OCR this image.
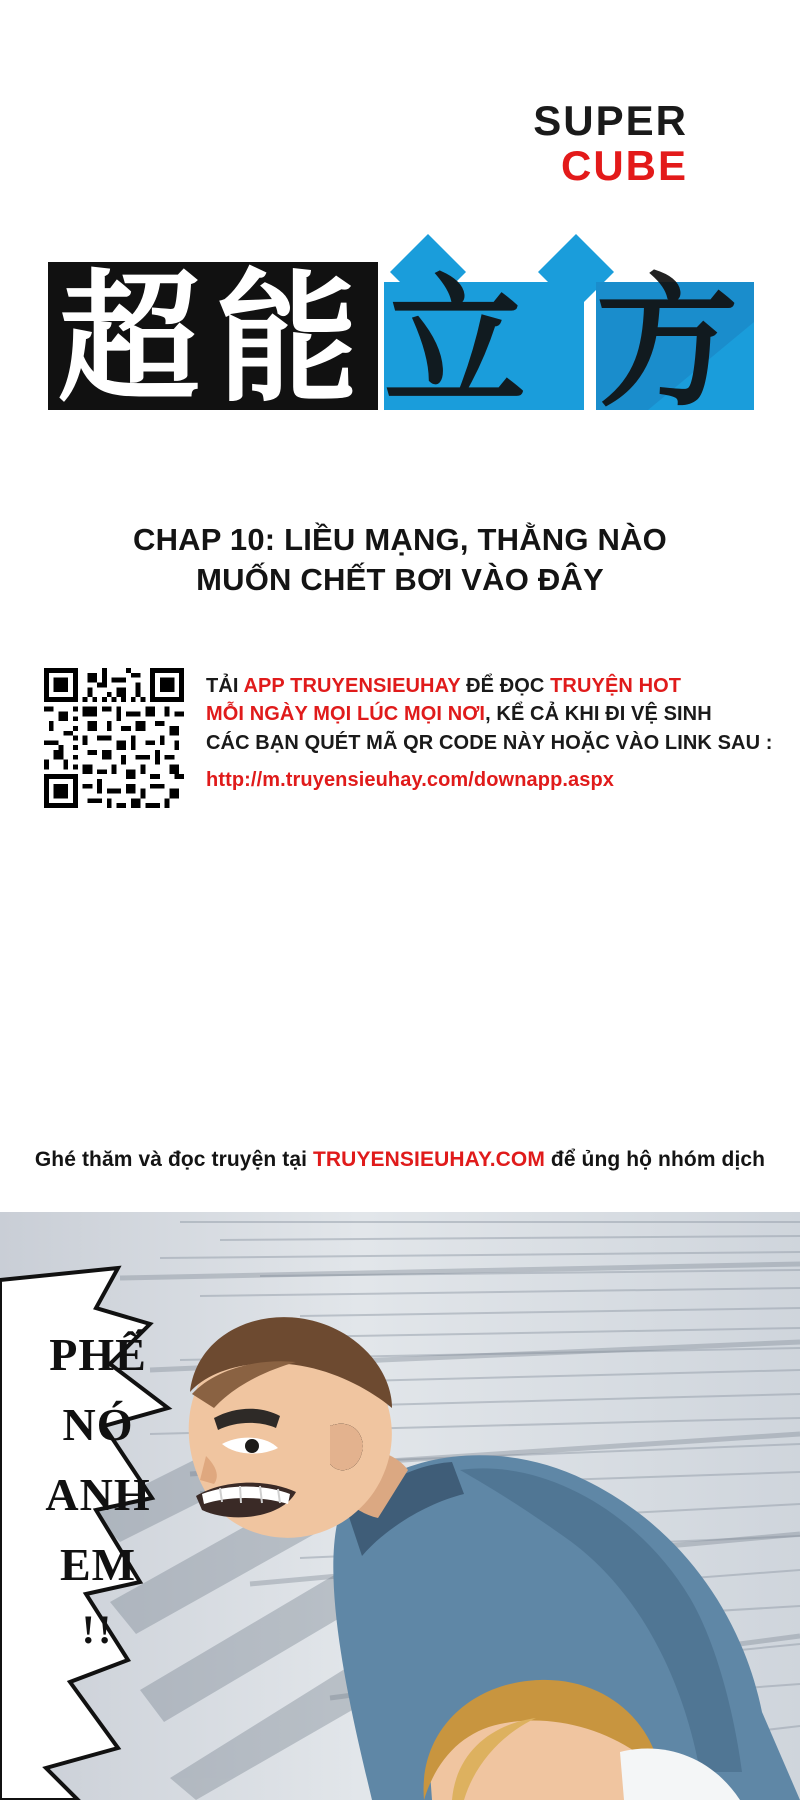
SUPER
CUBE
超 能 立 方
CHAP 10: LIỀU MẠNG, THẰNG NÀO
MUỐN CHẾT BƠI VÀO ĐÂY
TẢI APP TRUYENSIEUHAY ĐỂ ĐỌC TRUYỆN HOT
MỖI NGÀY MỌI LÚC MỌI NƠI, KỂ CẢ KHI ĐI VỆ SINH
CÁC BẠN QUÉT MÃ QR CODE NÀY HOẶC VÀO LINK SAU :
http://m.truyensieuhay.com/downapp.aspx
Ghé thăm và đọc truyện tại TRUYENSIEUHAY.COM để ủng hộ nhóm dịch
PHẾ
NÓ
ANH
EM
!!
